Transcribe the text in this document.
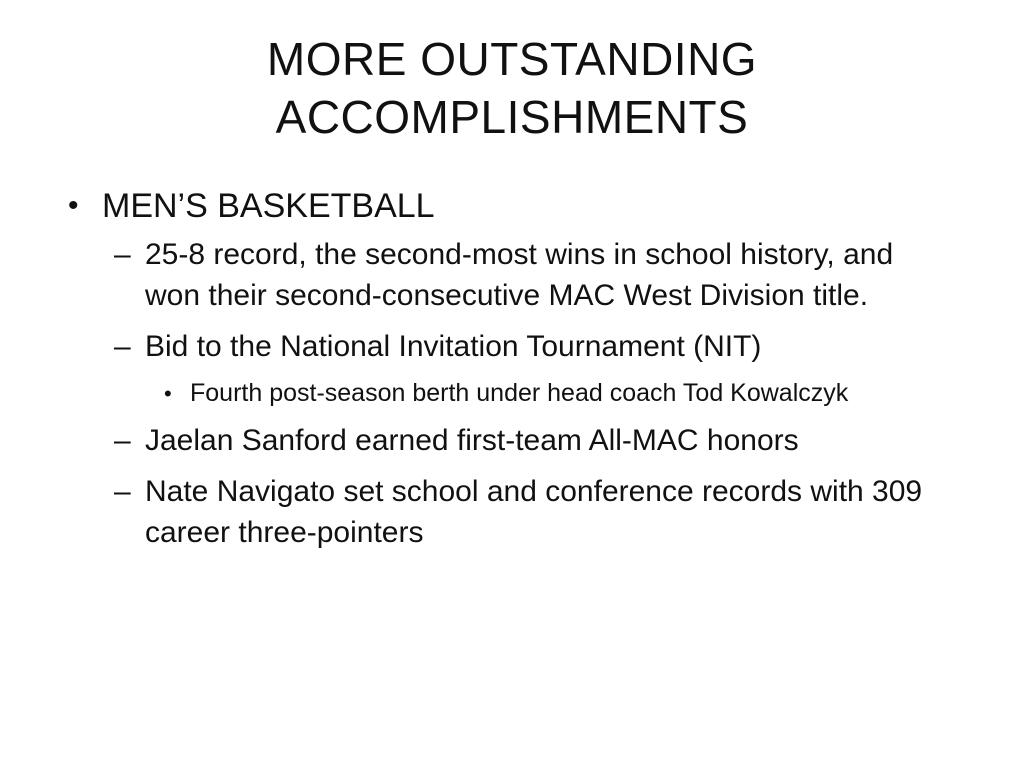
MORE OUTSTANDING
ACCOMPLISHMENTS
• MEN’S BASKETBALL
– 25-8 record, the second-most wins in school history, and won their second-consecutive MAC West Division title.
– Bid to the National Invitation Tournament (NIT)
• Fourth post-season berth under head coach Tod Kowalczyk
– Jaelan Sanford earned first-team All-MAC honors
– Nate Navigato set school and conference records with 309 career three-pointers
